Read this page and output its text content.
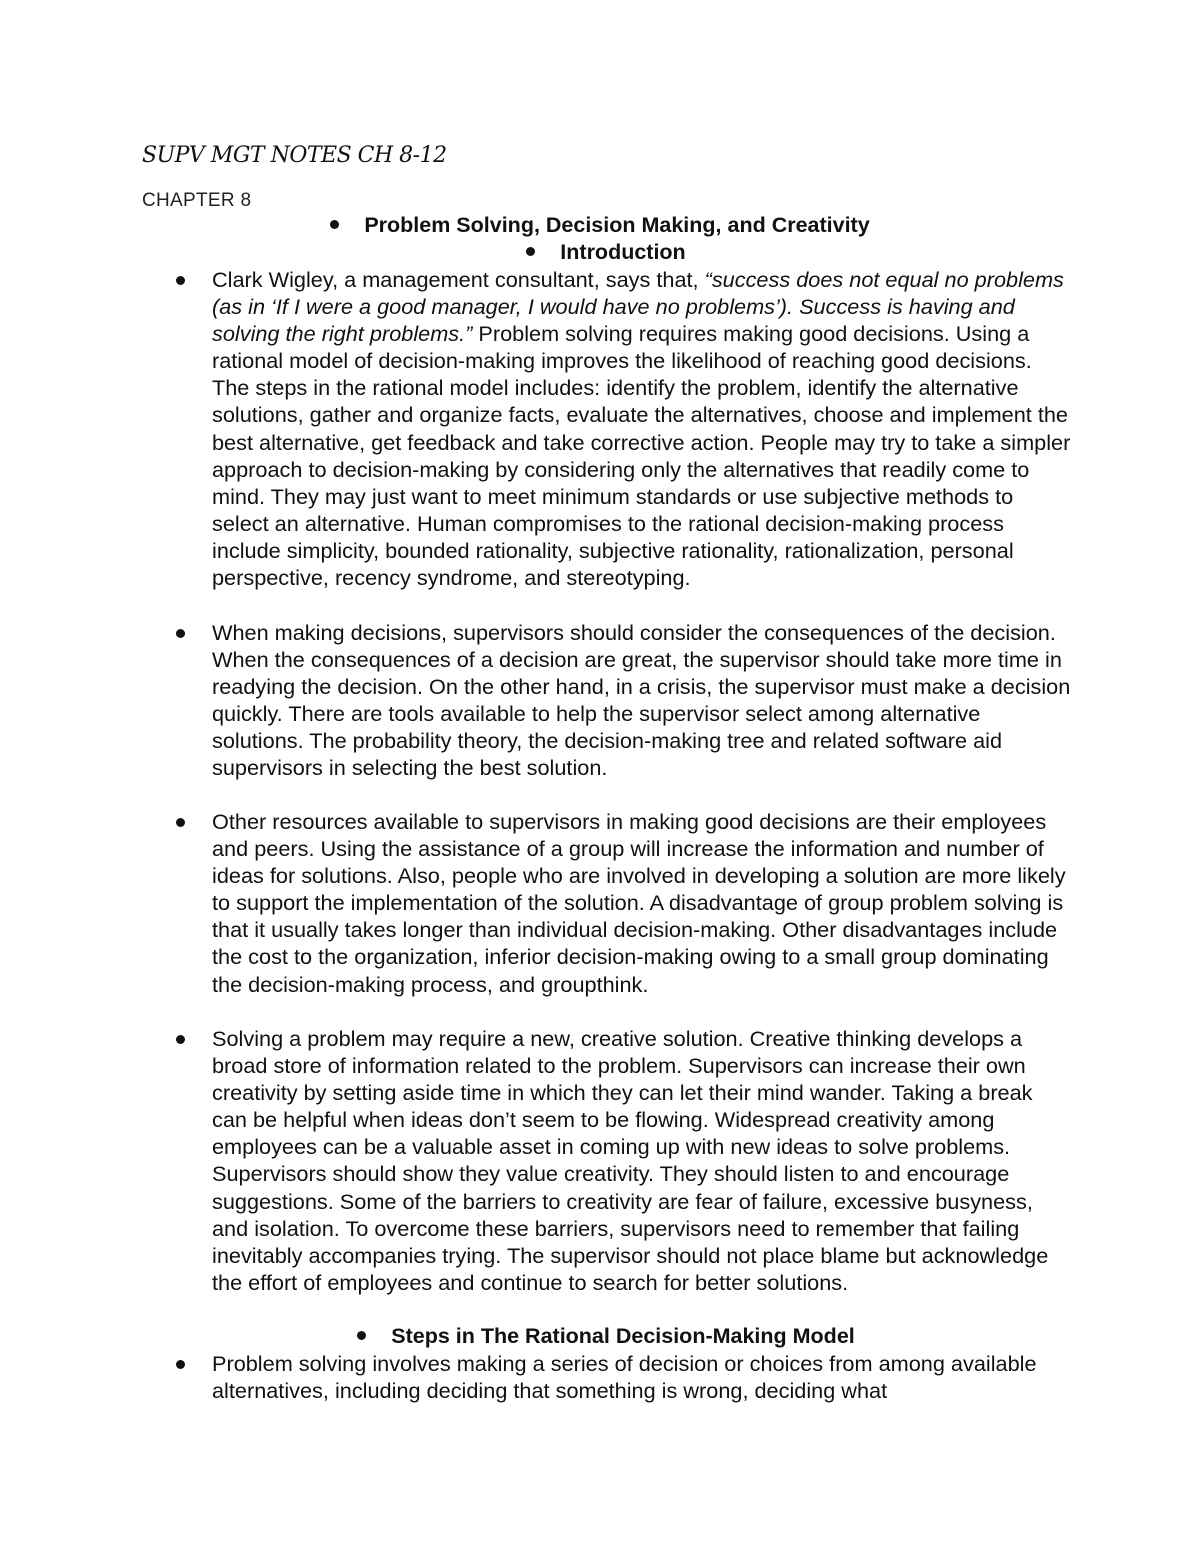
SUPV MGT NOTES CH 8-12
CHAPTER 8
Problem Solving, Decision Making, and Creativity
Introduction
Clark Wigley, a management consultant, says that, “success does not equal no problems (as in ‘If I were a good manager, I would have no problems’). Success is having and solving the right problems.” Problem solving requires making good decisions. Using a rational model of decision-making improves the likelihood of reaching good decisions. The steps in the rational model includes: identify the problem, identify the alternative solutions, gather and organize facts, evaluate the alternatives, choose and implement the best alternative, get feedback and take corrective action. People may try to take a simpler approach to decision-making by considering only the alternatives that readily come to mind. They may just want to meet minimum standards or use subjective methods to select an alternative. Human compromises to the rational decision-making process include simplicity, bounded rationality, subjective rationality, rationalization, personal perspective, recency syndrome, and stereotyping.
When making decisions, supervisors should consider the consequences of the decision. When the consequences of a decision are great, the supervisor should take more time in readying the decision. On the other hand, in a crisis, the supervisor must make a decision quickly. There are tools available to help the supervisor select among alternative solutions. The probability theory, the decision-making tree and related software aid supervisors in selecting the best solution.
Other resources available to supervisors in making good decisions are their employees and peers. Using the assistance of a group will increase the information and number of ideas for solutions. Also, people who are involved in developing a solution are more likely to support the implementation of the solution. A disadvantage of group problem solving is that it usually takes longer than individual decision-making. Other disadvantages include the cost to the organization, inferior decision-making owing to a small group dominating the decision-making process, and groupthink.
Solving a problem may require a new, creative solution. Creative thinking develops a broad store of information related to the problem. Supervisors can increase their own creativity by setting aside time in which they can let their mind wander. Taking a break can be helpful when ideas don’t seem to be flowing. Widespread creativity among employees can be a valuable asset in coming up with new ideas to solve problems. Supervisors should show they value creativity. They should listen to and encourage suggestions. Some of the barriers to creativity are fear of failure, excessive busyness, and isolation. To overcome these barriers, supervisors need to remember that failing inevitably accompanies trying. The supervisor should not place blame but acknowledge the effort of employees and continue to search for better solutions.
Steps in The Rational Decision-Making Model
Problem solving involves making a series of decision or choices from among available alternatives, including deciding that something is wrong, deciding what
